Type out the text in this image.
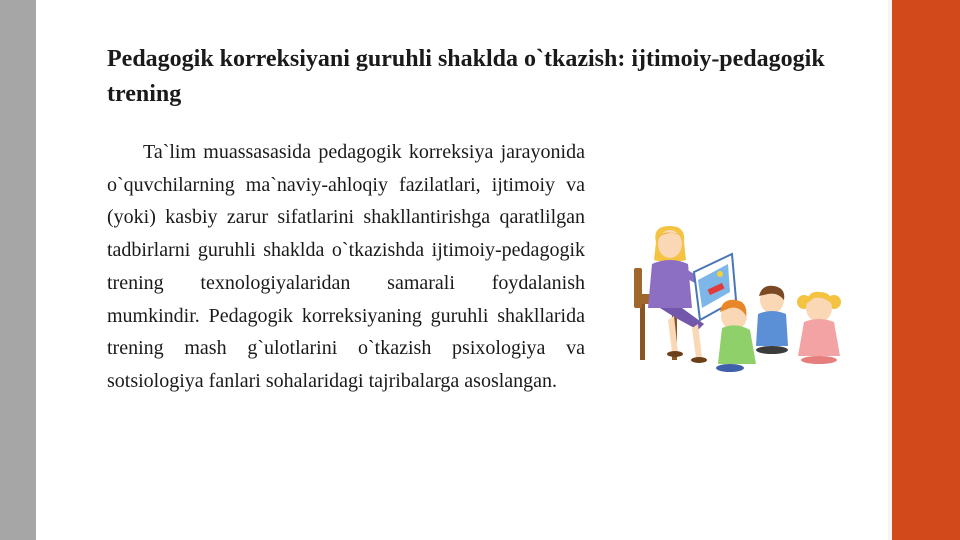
Pedagogik korreksiyani guruhli shaklda o`tkazish: ijtimoiy-pedagogik trening

Ta`lim muassasasida pedagogik korreksiya jarayonida o`quvchilarning ma`naviy-ahloqiy fazilatlari, ijtimoiy va (yoki) kasbiy zarur sifatlarini shakllantirishga qaratlilgan tadbirlarni guruhli shaklda o`tkazishda ijtimoiy-pedagogik trening texnologiyalaridan samarali foydalanish mumkindir. Pedagogik korreksiyaning guruhli shakllarida trening mash g`ulotlarini o`tkazish psixologiya va sotsiologiya fanlari sohalaridagi tajribalarga asoslangan.
